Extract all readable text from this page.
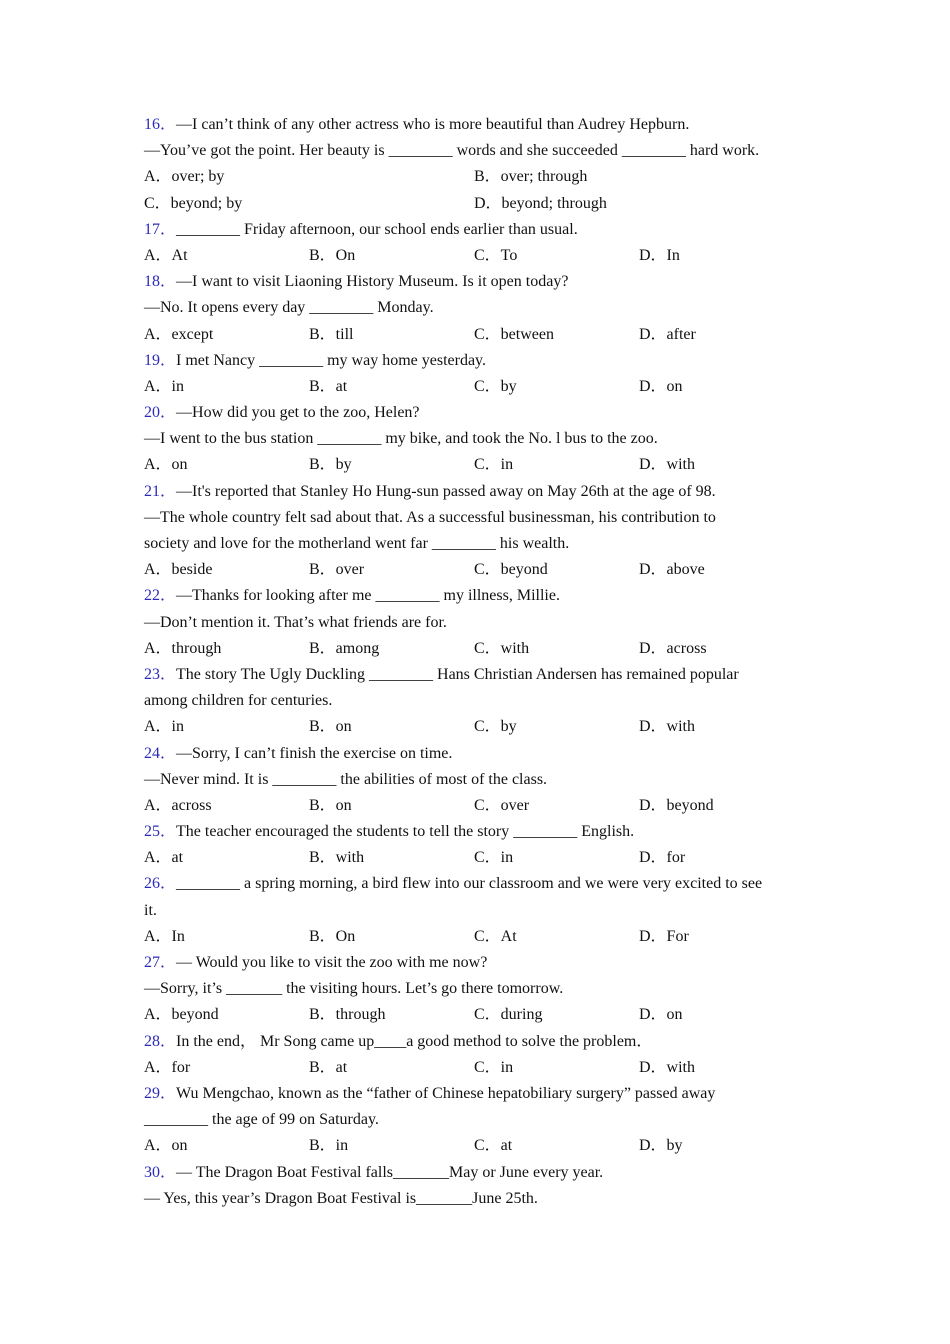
16．—I can’t think of any other actress who is more beautiful than Audrey Hepburn.
—You’ve got the point. Her beauty is ________ words and she succeeded ________ hard work.
A．over; by	B．over; through
C．beyond; by	D．beyond; through
17．________ Friday afternoon, our school ends earlier than usual.
A．At	B．On	C．To	D．In
18．—I want to visit Liaoning History Museum. Is it open today?
—No. It opens every day ________ Monday.
A．except	B．till	C．between	D．after
19．I met Nancy ________ my way home yesterday.
A．in	B．at	C．by	D．on
20．—How did you get to the zoo, Helen?
—I went to the bus station ________ my bike, and took the No. l bus to the zoo.
A．on	B．by	C．in	D．with
21．—It's reported that Stanley Ho Hung-sun passed away on May 26th at the age of 98.
—The whole country felt sad about that. As a successful businessman, his contribution to
society and love for the motherland went far ________ his wealth.
A．beside	B．over	C．beyond	D．above
22．—Thanks for looking after me ________ my illness, Millie.
—Don’t mention it. That’s what friends are for.
A．through	B．among	C．with	D．across
23．The story The Ugly Duckling ________ Hans Christian Andersen has remained popular
among children for centuries.
A．in	B．on	C．by	D．with
24．—Sorry, I can’t finish the exercise on time.
—Never mind. It is ________ the abilities of most of the class.
A．across	B．on	C．over	D．beyond
25．The teacher encouraged the students to tell the story ________ English.
A．at	B．with	C．in	D．for
26．________ a spring morning, a bird flew into our classroom and we were very excited to see
it.
A．In	B．On	C．At	D．For
27．— Would you like to visit the zoo with me now?
—Sorry, it’s _______ the visiting hours. Let’s go there tomorrow.
A．beyond	B．through	C．during	D．on
28．In the end， Mr Song came up____a good method to solve the problem．
A．for	B．at	C．in	D．with
29．Wu Mengchao, known as the “father of Chinese hepatobiliary surgery” passed away
________ the age of 99 on Saturday.
A．on	B．in	C．at	D．by
30．— The Dragon Boat Festival falls_______May or June every year.
— Yes, this year’s Dragon Boat Festival is_______June 25th.
